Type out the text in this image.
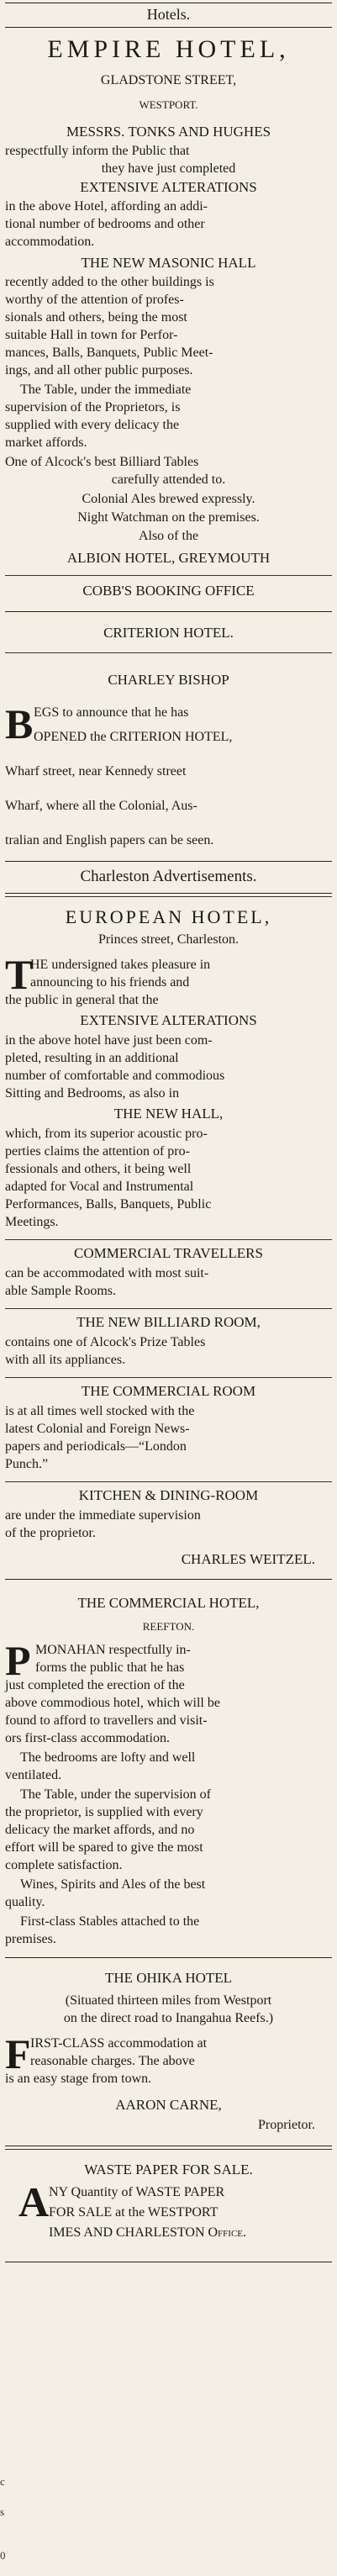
Hotels.
EMPIRE HOTEL,
GLADSTONE STREET,
WESTPORT.
MESSRS. TONKS AND HUGHES
respectfully inform the Public that
they have just completed
EXTENSIVE ALTERATIONS
in the above Hotel, affording an addi-
tional number of bedrooms and other
accommodation.
THE NEW MASONIC HALL
recently added to the other buildings is
worthy of the attention of profes-
sionals and others, being the most
suitable Hall in town for Perfor-
mances, Balls, Banquets, Public Meet-
ings, and all other public purposes.
The Table, under the immediate
supervision of the Proprietors, is
supplied with every delicacy the
market affords.
One of Alcock's best Billiard Tables
carefully attended to.
Colonial Ales brewed expressly.
Night Watchman on the premises.
Also of the
ALBION HOTEL, GREYMOUTH
COBB'S BOOKING OFFICE
CRITERION HOTEL.
CHARLEY BISHOP
B EGS to announce that he has
OPENED the CRITERION HOTEL,
Wharf street, near Kennedy street
Wharf, where all the Colonial, Aus-
tralian and English papers can be seen.
Charleston Advertisements.
EUROPEAN HOTEL,
Princes street, Charleston.
T
HE undersigned takes pleasure in
announcing to his friends and
the public in general that the
EXTENSIVE ALTERATIONS
in the above hotel have just been com-
pleted, resulting in an additional
number of comfortable and commodious
Sitting and Bedrooms, as also in
THE NEW HALL,
which, from its superior acoustic pro-
perties claims the attention of pro-
fessionals and others, it being well
adapted for Vocal and Instrumental
Performances, Balls, Banquets, Public
Meetings.
COMMERCIAL TRAVELLERS
can be accommodated with most suit-
able Sample Rooms.
THE NEW BILLIARD ROOM,
contains one of Alcock's Prize Tables
with all its appliances.
THE COMMERCIAL ROOM
is at all times well stocked with the
latest Colonial and Foreign News-
papers and periodicals—“London
Punch.”
KITCHEN & DINING-ROOM
are under the immediate supervision
of the proprietor.
CHARLES WEITZEL.
THE COMMERCIAL HOTEL,
REEFTON.
P MONAHAN respectfully in-
forms the public that he has
just completed the erection of the
above commodious hotel, which will be
found to afford to travellers and visit-
ors first-class accommodation.
The bedrooms are lofty and well
ventilated.
The Table, under the supervision of
the proprietor, is supplied with every
delicacy the market affords, and no
effort will be spared to give the most
complete satisfaction.
Wines, Spirits and Ales of the best
quality.
First-class Stables attached to the
premises.
THE OHIKA HOTEL
(Situated thirteen miles from Westport
on the direct road to Inangahua Reefs.)
F IRST-CLASS accommodation at
reasonable charges. The above
is an easy stage from town.
AARON CARNE,
Proprietor.
WASTE PAPER FOR SALE.
A NY Quantity of WASTE PAPER
FOR SALE at the WESTPORT
IMES AND CHARLESTON Office.
c
s
0
